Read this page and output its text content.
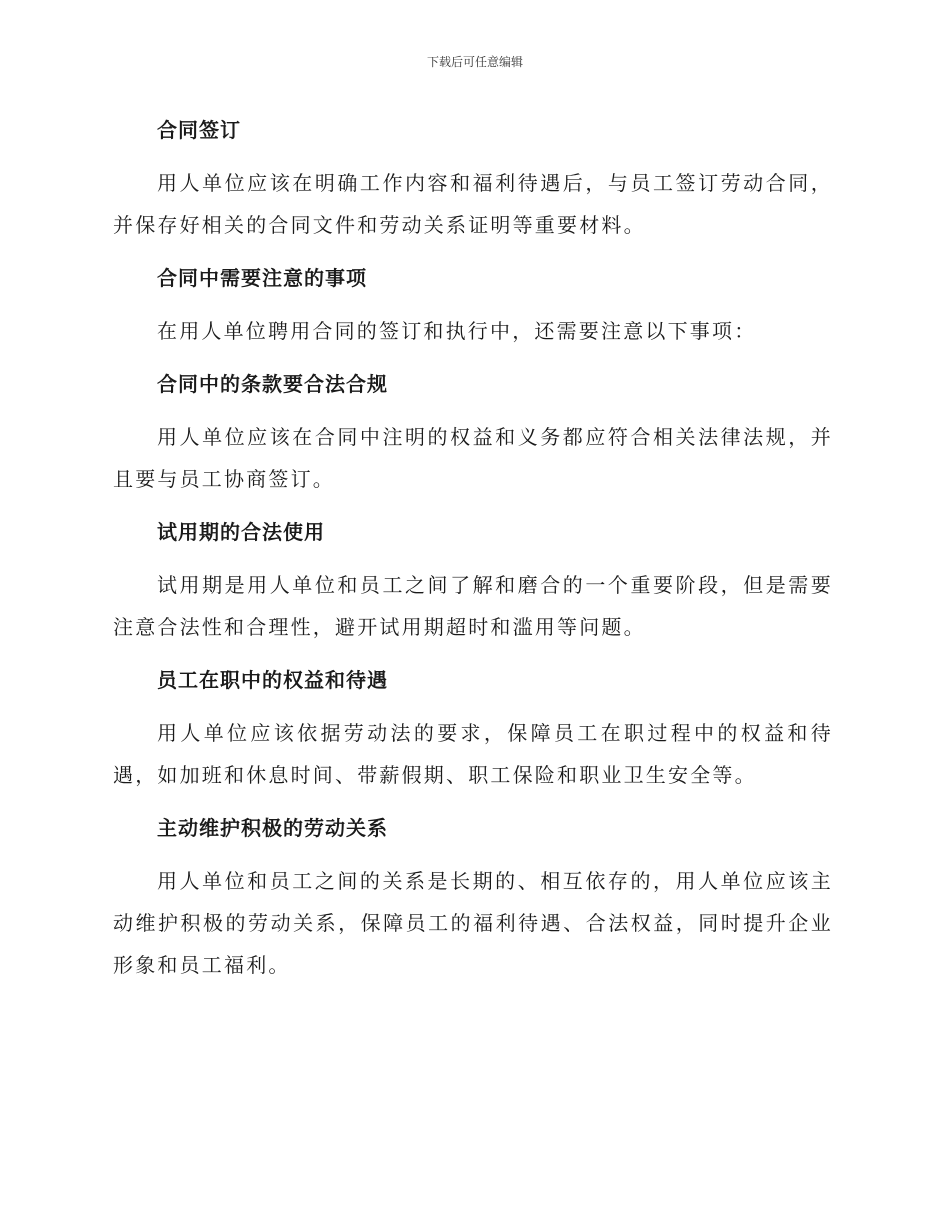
下载后可任意编辑
合同签订

用人单位应该在明确工作内容和福利待遇后，与员工签订劳动合同，并保存好相关的合同文件和劳动关系证明等重要材料。

合同中需要注意的事项

在用人单位聘用合同的签订和执行中，还需要注意以下事项：

合同中的条款要合法合规

用人单位应该在合同中注明的权益和义务都应符合相关法律法规，并且要与员工协商签订。

试用期的合法使用

试用期是用人单位和员工之间了解和磨合的一个重要阶段，但是需要注意合法性和合理性，避开试用期超时和滥用等问题。

员工在职中的权益和待遇

用人单位应该依据劳动法的要求，保障员工在职过程中的权益和待遇，如加班和休息时间、带薪假期、职工保险和职业卫生安全等。

主动维护积极的劳动关系

用人单位和员工之间的关系是长期的、相互依存的，用人单位应该主动维护积极的劳动关系，保障员工的福利待遇、合法权益，同时提升企业形象和员工福利。
